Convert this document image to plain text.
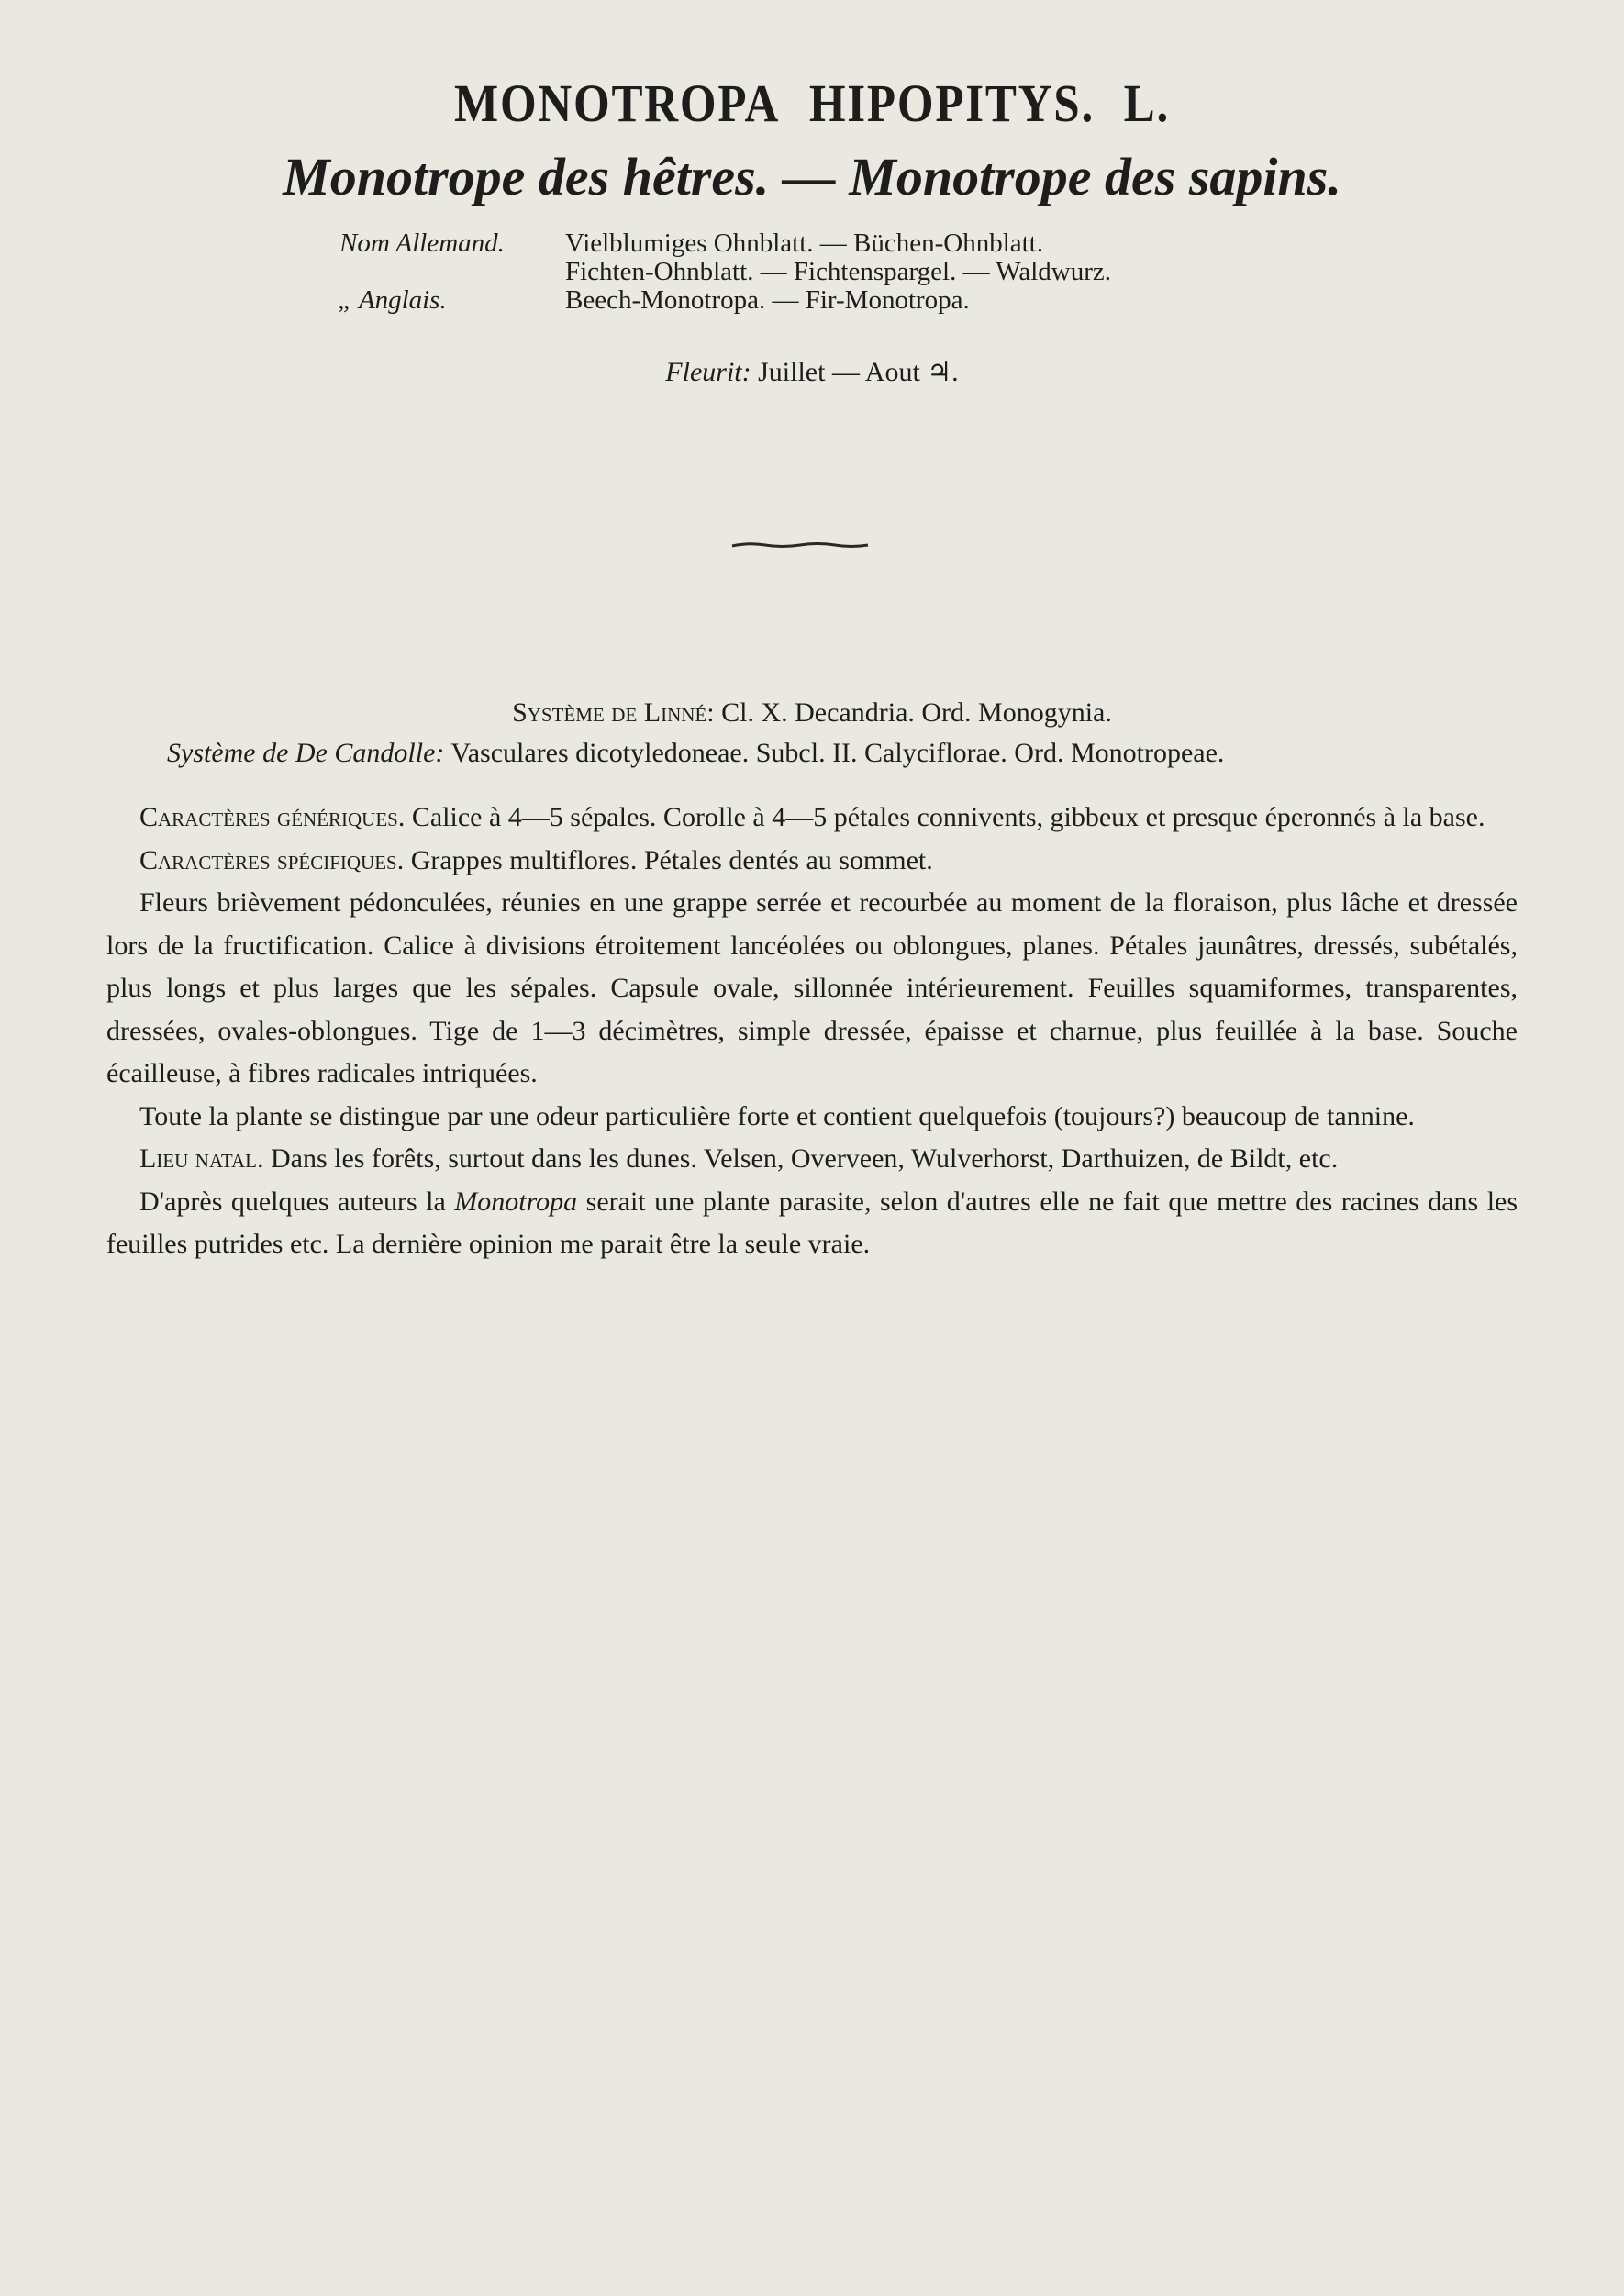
MONOTROPA HIPOPITYS. L.
Monotrope des hêtres. — Monotrope des sapins.
Nom Allemand. Vielblumiges Ohnblatt. — Büchen-Ohnblatt.
Fichten-Ohnblatt. — Fichtenspargel. — Waldwurz.
„ Anglais.	Beech-Monotropa. — Fir-Monotropa.
Fleurit: Juillet — Aout ♃.
Système de Linné: Cl. X. Decandria. Ord. Monogynia.
Système de De Candolle: Vasculares dicotyledoneae. Subcl. II. Calyciflorae. Ord. Monotropeae.

Caractères génériques. Calice à 4—5 sépales. Corolle à 4—5 pétales connivents, gibbeux et presque éperonnés à la base.

Caractères spécifiques. Grappes multiflores. Pétales dentés au sommet.

Fleurs brièvement pédonculées, réunies en une grappe serrée et recourbée au moment de la floraison, plus lâche et dressée lors de la fructification. Calice à divisions étroitement lancéolées ou oblongues, planes. Pétales jaunâtres, dressés, subétalés, plus longs et plus larges que les sépales. Capsule ovale, sillonnée intérieurement. Feuilles squamiformes, transparentes, dressées, ovales-oblongues. Tige de 1—3 décimètres, simple dressée, épaisse et charnue, plus feuillée à la base. Souche écailleuse, à fibres radicales intriquées.

Toute la plante se distingue par une odeur particulière forte et contient quelquefois (toujours?) beaucoup de tannine.

Lieu natal. Dans les forêts, surtout dans les dunes. Velsen, Overveen, Wulverhorst, Darthuizen, de Bildt, etc.

D'après quelques auteurs la Monotropa serait une plante parasite, selon d'autres elle ne fait que mettre des racines dans les feuilles putrides etc. La dernière opinion me parait être la seule vraie.
